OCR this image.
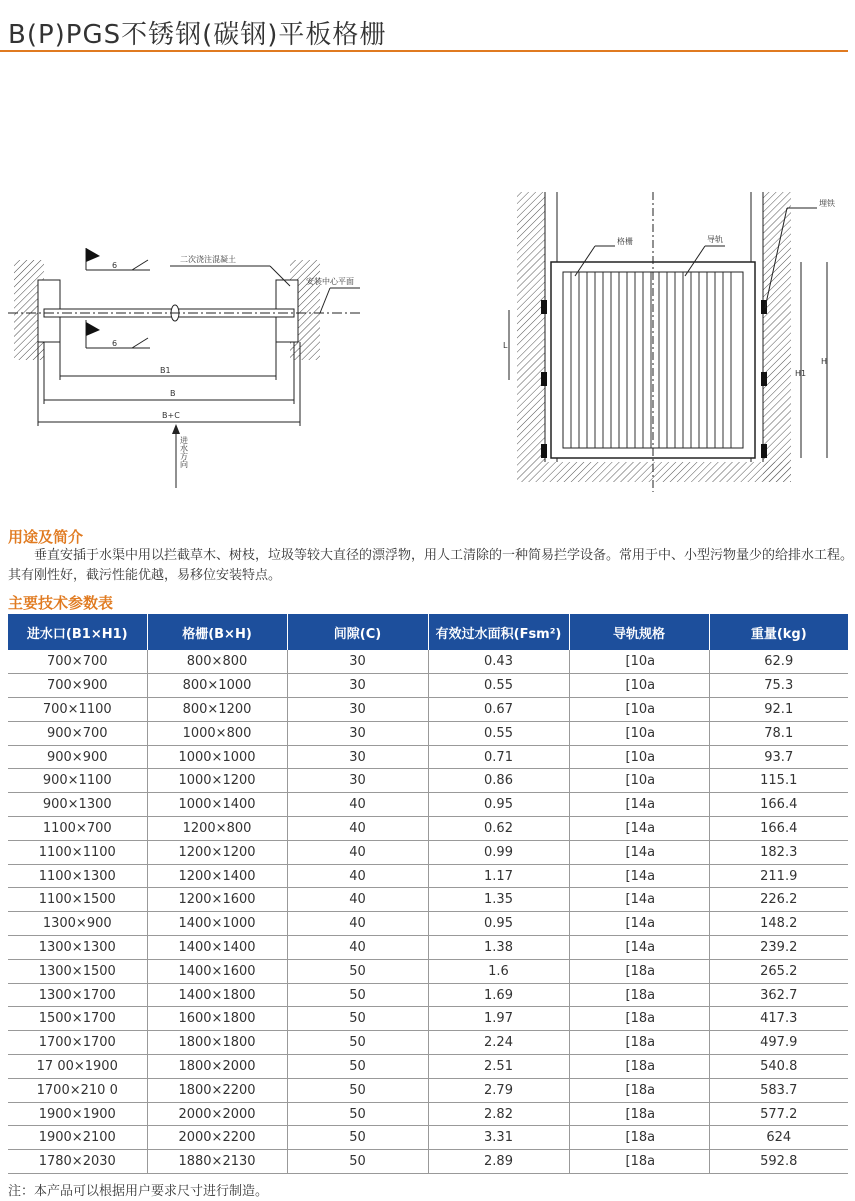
B(P)PGS不锈钢(碳钢)平板格栅
6
6
二次浇注混凝土
安装中心平面
B1
B
B+C
进水方向
埋铁
格栅	导轨
L
H1
H
用途及简介

垂直安插于水渠中用以拦截草木、树枝，垃圾等较大直径的漂浮物，用人工清除的一种简易拦学设备。常用于中、小型污物量少的给排水工程。其有刚性好，截污性能优越，易移位安装特点。

主要技术参数表
进水口(B1×H1)	格栅(B×H)	间隙(C)	有效过水面积(Fsm²)	导轨规格	重量(kg)
700×700	800×800	30	0.43	[10a	62.9
700×900	800×1000	30	0.55	[10a	75.3
700×1100	800×1200	30	0.67	[10a	92.1
900×700	1000×800	30	0.55	[10a	78.1
900×900	1000×1000	30	0.71	[10a	93.7
900×1100	1000×1200	30	0.86	[10a	115.1
900×1300	1000×1400	40	0.95	[14a	166.4
1100×700	1200×800	40	0.62	[14a	166.4
1100×1100	1200×1200	40	0.99	[14a	182.3
1100×1300	1200×1400	40	1.17	[14a	211.9
1100×1500	1200×1600	40	1.35	[14a	226.2
1300×900	1400×1000	40	0.95	[14a	148.2
1300×1300	1400×1400	40	1.38	[14a	239.2
1300×1500	1400×1600	50	1.6	[18a	265.2
1300×1700	1400×1800	50	1.69	[18a	362.7
1500×1700	1600×1800	50	1.97	[18a	417.3
1700×1700	1800×1800	50	2.24	[18a	497.9
17 00×1900	1800×2000	50	2.51	[18a	540.8
1700×210 0	1800×2200	50	2.79	[18a	583.7
1900×1900	2000×2000	50	2.82	[18a	577.2
1900×2100	2000×2200	50	3.31	[18a	624
1780×2030	1880×2130	50	2.89	[18a	592.8
注：本产品可以根据用户要求尺寸进行制造。
